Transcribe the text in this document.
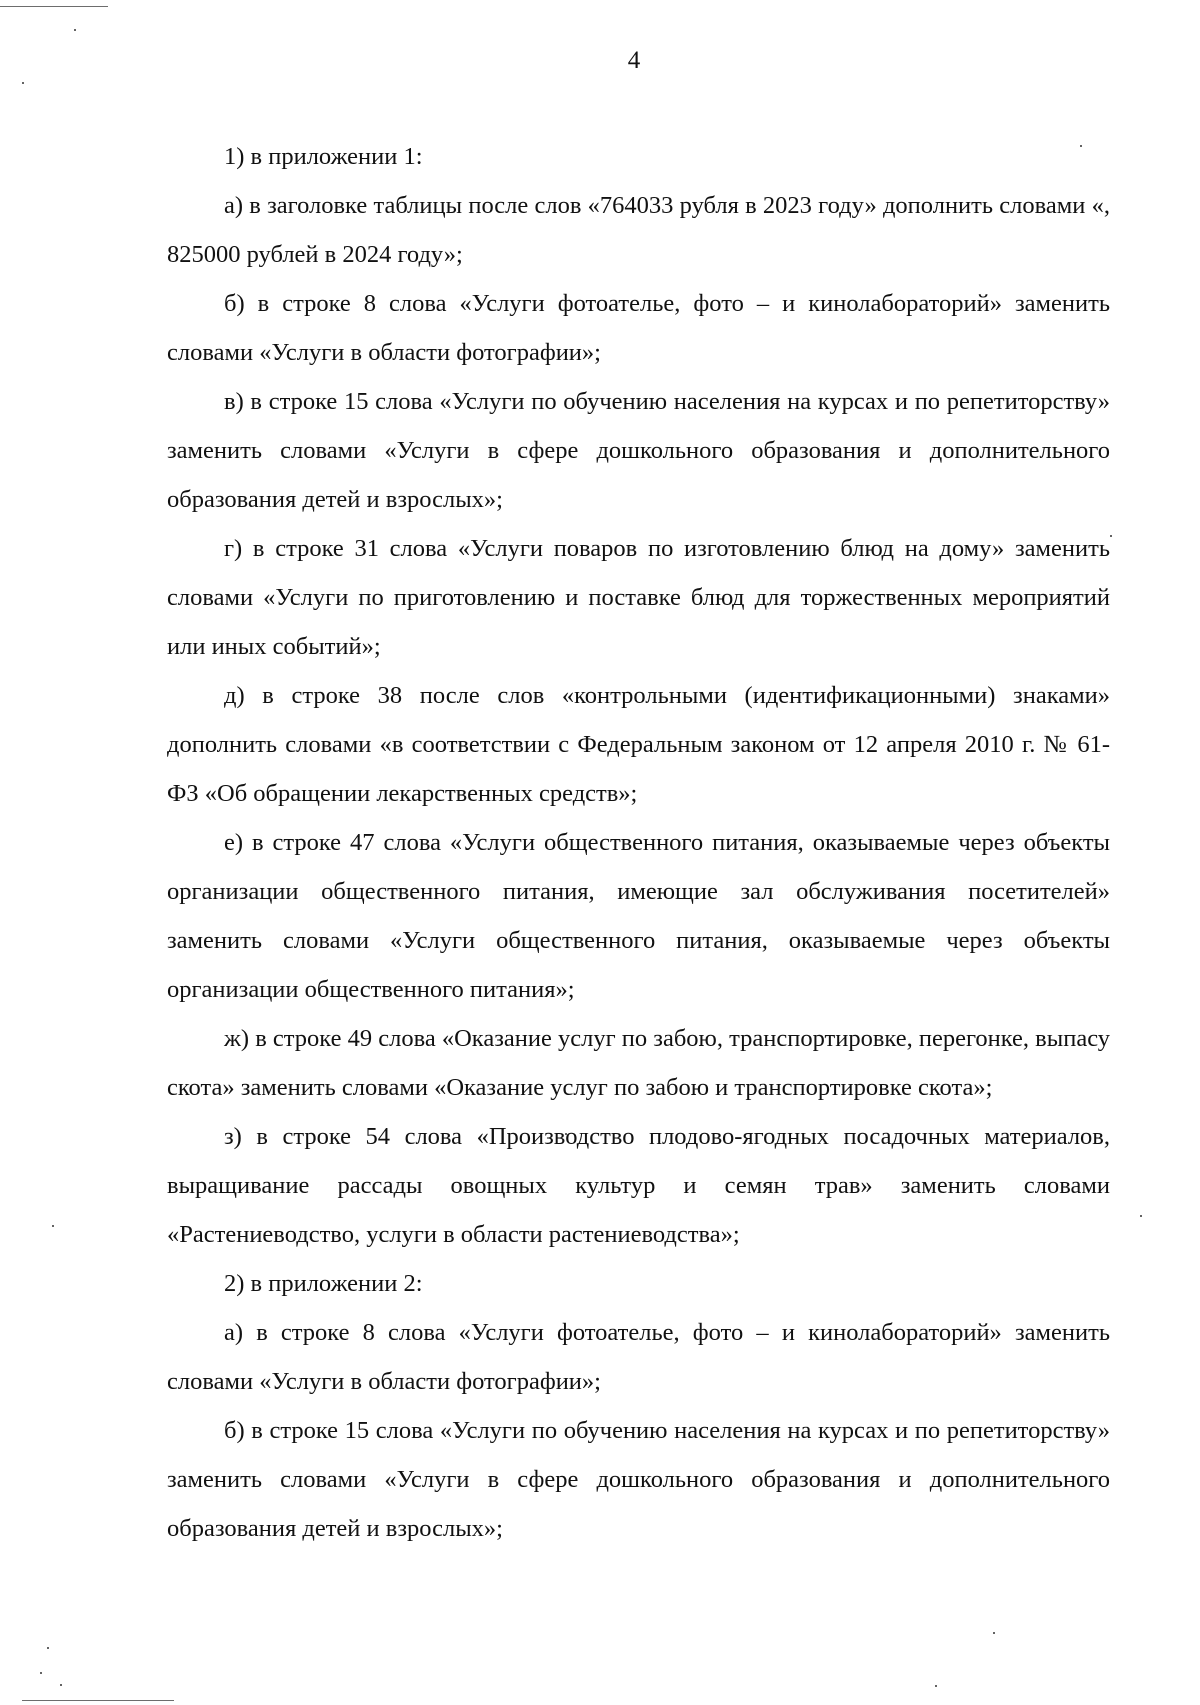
4

1) в приложении 1:

а) в заголовке таблицы после слов «764033 рубля в 2023 году» дополнить словами «, 825000 рублей в 2024 году»;

б) в строке 8 слова «Услуги фотоателье, фото – и кинолабораторий» заменить словами «Услуги в области фотографии»;

в) в строке 15 слова «Услуги по обучению населения на курсах и по репетиторству» заменить словами «Услуги в сфере дошкольного образования и дополнительного образования детей и взрослых»;

г) в строке 31 слова «Услуги поваров по изготовлению блюд на дому» заменить словами «Услуги по приготовлению и поставке блюд для торжественных мероприятий или иных событий»;

д) в строке 38 после слов «контрольными (идентификационными) знаками» дополнить словами «в соответствии с Федеральным законом от 12 апреля 2010 г. № 61-ФЗ «Об обращении лекарственных средств»;

е) в строке 47 слова «Услуги общественного питания, оказываемые через объекты организации общественного питания, имеющие зал обслуживания посетителей» заменить словами «Услуги общественного питания, оказываемые через объекты организации общественного питания»;

ж) в строке 49 слова «Оказание услуг по забою, транспортировке, перегонке, выпасу скота» заменить словами «Оказание услуг по забою и транспортировке скота»;

з) в строке 54 слова «Производство плодово-ягодных посадочных материалов, выращивание рассады овощных культур и семян трав» заменить словами «Растениеводство, услуги в области растениеводства»;

2) в приложении 2:

а) в строке 8 слова «Услуги фотоателье, фото – и кинолабораторий» заменить словами «Услуги в области фотографии»;

б) в строке 15 слова «Услуги по обучению населения на курсах и по репетиторству» заменить словами «Услуги в сфере дошкольного образования и дополнительного образования детей и взрослых»;
